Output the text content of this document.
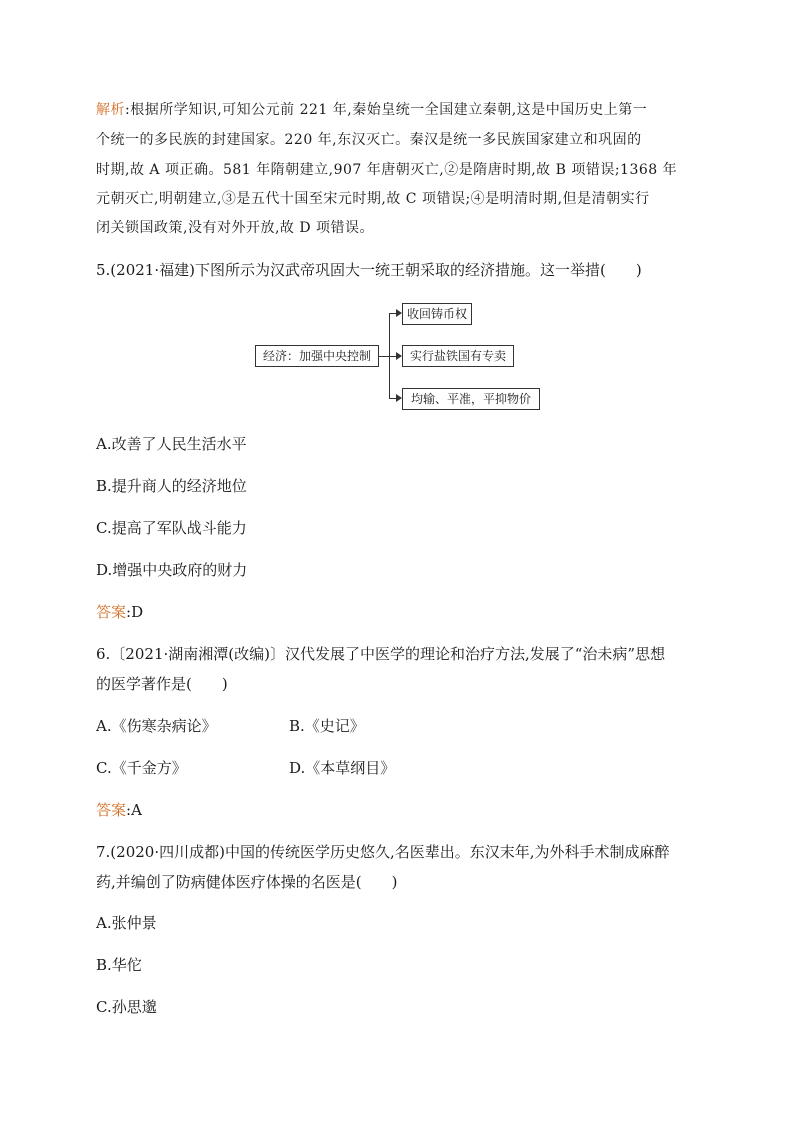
解析:根据所学知识,可知公元前 221 年,秦始皇统一全国建立秦朝,这是中国历史上第一
个统一的多民族的封建国家。220 年,东汉灭亡。秦汉是统一多民族国家建立和巩固的
时期,故 A 项正确。581 年隋朝建立,907 年唐朝灭亡,②是隋唐时期,故 B 项错误;1368 年
元朝灭亡,明朝建立,③是五代十国至宋元时期,故 C 项错误;④是明清时期,但是清朝实行
闭关锁国政策,没有对外开放,故 D 项错误。
5.(2021·福建)下图所示为汉武帝巩固大一统王朝采取的经济措施。这一举措(　　)
经济：加强中央控制
收回铸币权
实行盐铁国有专卖
均输、平准，平抑物价
A.改善了人民生活水平
B.提升商人的经济地位
C.提高了军队战斗能力
D.增强中央政府的财力
答案:D
6.〔2021·湖南湘潭(改编)〕汉代发展了中医学的理论和治疗方法,发展了“治未病”思想
的医学著作是(　　)
A.《伤寒杂病论》	B.《史记》
C.《千金方》	D.《本草纲目》
答案:A
7.(2020·四川成都)中国的传统医学历史悠久,名医辈出。东汉末年,为外科手术制成麻醉
药,并编创了防病健体医疗体操的名医是(　　)
A.张仲景
B.华佗
C.孙思邈
